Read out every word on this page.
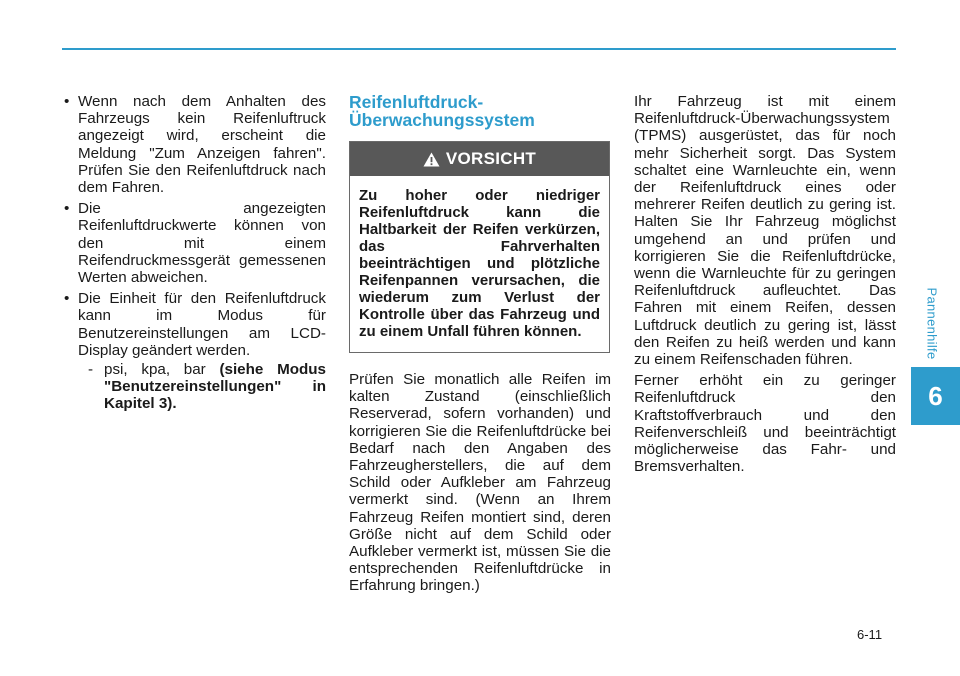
• Wenn nach dem Anhalten des Fahrzeugs kein Reifenluftruck angezeigt wird, erscheint die Meldung "Zum Anzeigen fahren". Prüfen Sie den Reifenluftdruck nach dem Fahren.
• Die angezeigten Reifenluftdruckwerte können von den mit einem Reifendruckmessgerät gemessenen Werten abweichen.
• Die Einheit für den Reifenluftdruck kann im Modus für Benutzereinstellungen am LCD-Display geändert werden.
- psi, kpa, bar (siehe Modus "Benutzereinstellungen" in Kapitel 3).
Reifenluftdruck-Überwachungssystem
VORSICHT
Zu hoher oder niedriger Reifenluftdruck kann die Haltbarkeit der Reifen verkürzen, das Fahrverhalten beeinträchtigen und plötzliche Reifenpannen verursachen, die wiederum zum Verlust der Kontrolle über das Fahrzeug und zu einem Unfall führen können.

Prüfen Sie monatlich alle Reifen im kalten Zustand (einschließlich Reserverad, sofern vorhanden) und korrigieren Sie die Reifenluftdrücke bei Bedarf nach den Angaben des Fahrzeugherstellers, die auf dem Schild oder Aufkleber am Fahrzeug vermerkt sind. (Wenn an Ihrem Fahrzeug Reifen montiert sind, deren Größe nicht auf dem Schild oder Aufkleber vermerkt ist, müssen Sie die entsprechenden Reifenluftdrücke in Erfahrung bringen.)

Ihr Fahrzeug ist mit einem Reifenluftdruck-Überwachungssystem (TPMS) ausgerüstet, das für noch mehr Sicherheit sorgt. Das System schaltet eine Warnleuchte ein, wenn der Reifenluftdruck eines oder mehrerer Reifen deutlich zu gering ist. Halten Sie Ihr Fahrzeug möglichst umgehend an und prüfen und korrigieren Sie die Reifenluftdrücke, wenn die Warnleuchte für zu geringen Reifenluftdruck aufleuchtet. Das Fahren mit einem Reifen, dessen Luftdruck deutlich zu gering ist, lässt den Reifen zu heiß werden und kann zu einem Reifenschaden führen.

Ferner erhöht ein zu geringer Reifenluftdruck den Kraftstoffverbrauch und den Reifenverschleiß und beeinträchtigt möglicherweise das Fahr- und Bremsverhalten.

Pannenhilfe
6
6-11
